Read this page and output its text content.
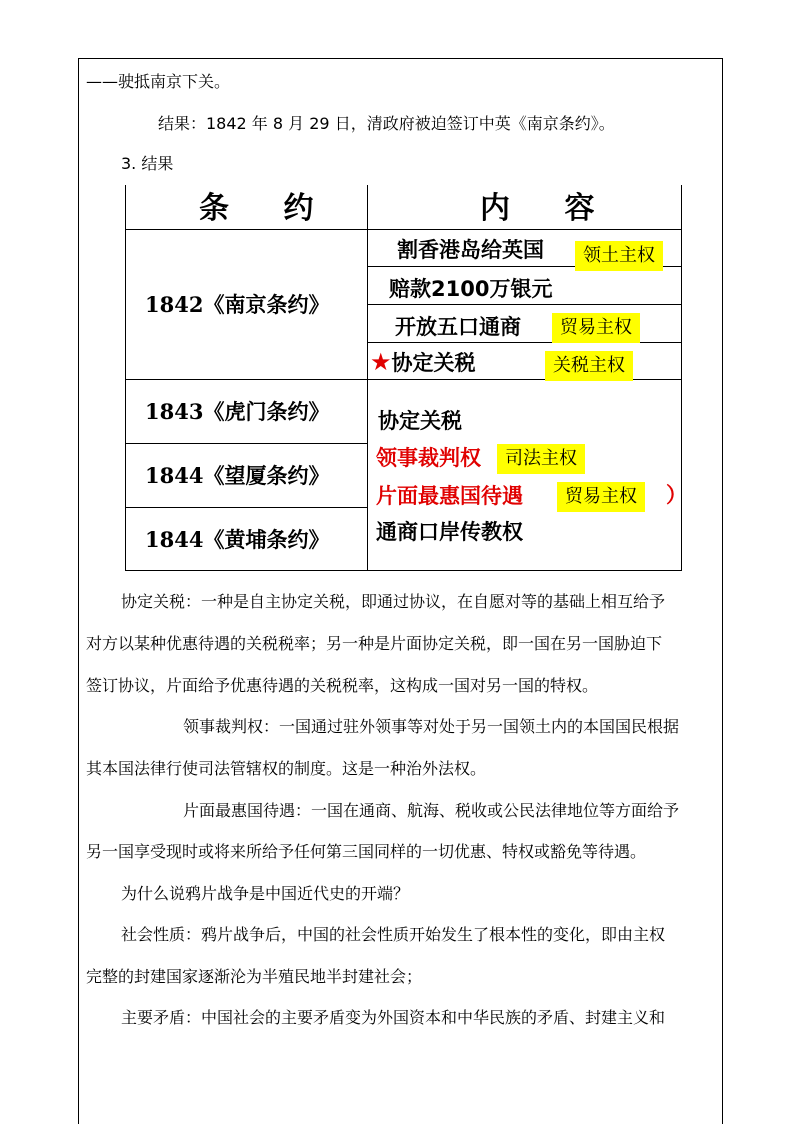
——驶抵南京下关。
结果：1842 年 8 月 29 日，清政府被迫签订中英《南京条约》。
3. 结果
条 约	内 容
1842《南京条约》
1843《虎门条约》
1844《望厦条约》
1844《黄埔条约》
割香港岛给英国
赔款2100万银元
开放五口通商
★协定关税
协定关税
领事裁判权
片面最惠国待遇	）
通商口岸传教权
领土主权
贸易主权
关税主权
司法主权
贸易主权
协定关税：一种是自主协定关税，即通过协议，在自愿对等的基础上相互给予
对方以某种优惠待遇的关税税率；另一种是片面协定关税，即一国在另一国胁迫下
签订协议，片面给予优惠待遇的关税税率，这构成一国对另一国的特权。
领事裁判权：一国通过驻外领事等对处于另一国领土内的本国国民根据
其本国法律行使司法管辖权的制度。这是一种治外法权。
片面最惠国待遇：一国在通商、航海、税收或公民法律地位等方面给予
另一国享受现时或将来所给予任何第三国同样的一切优惠、特权或豁免等待遇。
为什么说鸦片战争是中国近代史的开端？
社会性质：鸦片战争后，中国的社会性质开始发生了根本性的变化，即由主权
完整的封建国家逐渐沦为半殖民地半封建社会；
主要矛盾：中国社会的主要矛盾变为外国资本和中华民族的矛盾、封建主义和
